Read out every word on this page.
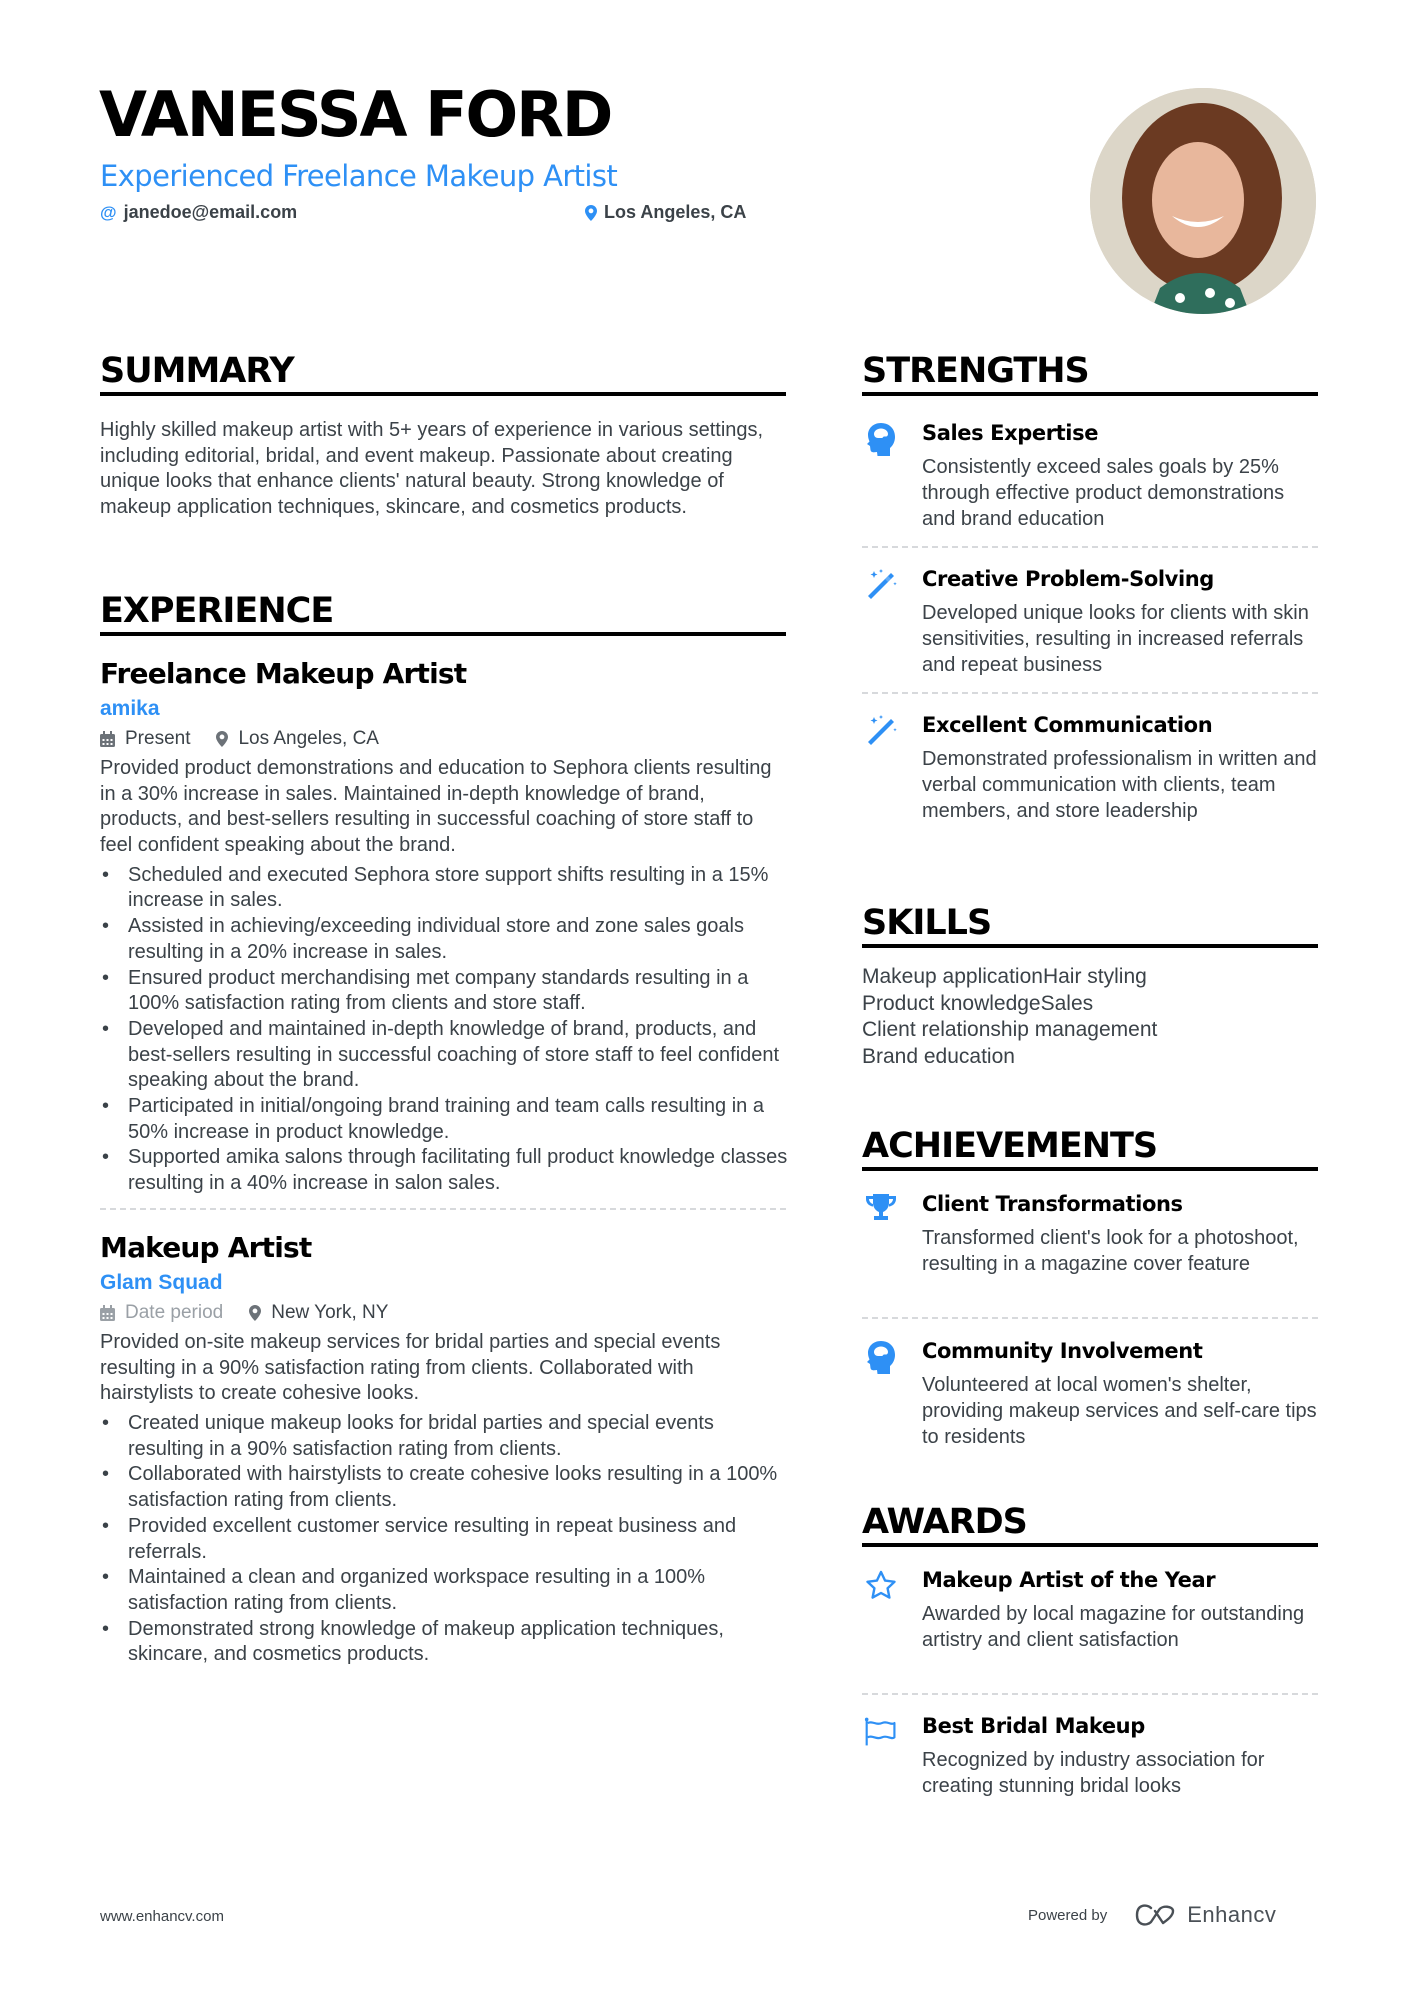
VANESSA FORD
Experienced Freelance Makeup Artist
@ janedoe@email.com	Los Angeles, CA
SUMMARY

Highly skilled makeup artist with 5+ years of experience in various settings, including editorial, bridal, and event makeup. Passionate about creating unique looks that enhance clients' natural beauty. Strong knowledge of makeup application techniques, skincare, and cosmetics products.

EXPERIENCE
Freelance Makeup Artist
amika
Present	Los Angeles, CA

Provided product demonstrations and education to Sephora clients resulting in a 30% increase in sales. Maintained in-depth knowledge of brand, products, and best-sellers resulting in successful coaching of store staff to feel confident speaking about the brand.

• Scheduled and executed Sephora store support shifts resulting in a 15% increase in sales.
• Assisted in achieving/exceeding individual store and zone sales goals resulting in a 20% increase in sales.
• Ensured product merchandising met company standards resulting in a 100% satisfaction rating from clients and store staff.
• Developed and maintained in-depth knowledge of brand, products, and best-sellers resulting in successful coaching of store staff to feel confident speaking about the brand.
• Participated in initial/ongoing brand training and team calls resulting in a 50% increase in product knowledge.
• Supported amika salons through facilitating full product knowledge classes resulting in a 40% increase in salon sales.
Makeup Artist
Glam Squad
Date period	New York, NY

Provided on-site makeup services for bridal parties and special events resulting in a 90% satisfaction rating from clients. Collaborated with hairstylists to create cohesive looks.

• Created unique makeup looks for bridal parties and special events resulting in a 90% satisfaction rating from clients.
• Collaborated with hairstylists to create cohesive looks resulting in a 100% satisfaction rating from clients.
• Provided excellent customer service resulting in repeat business and referrals.
• Maintained a clean and organized workspace resulting in a 100% satisfaction rating from clients.
• Demonstrated strong knowledge of makeup application techniques, skincare, and cosmetics products.
STRENGTHS
Sales Expertise

Consistently exceed sales goals by 25% through effective product demonstrations and brand education

Creative Problem-Solving

Developed unique looks for clients with skin sensitivities, resulting in increased referrals and repeat business

Excellent Communication

Demonstrated professionalism in written and verbal communication with clients, team members, and store leadership

SKILLS
Makeup applicationHair styling
Product knowledgeSales
Client relationship management
Brand education
ACHIEVEMENTS
Client Transformations

Transformed client's look for a photoshoot, resulting in a magazine cover feature

Community Involvement

Volunteered at local women's shelter, providing makeup services and self-care tips to residents

AWARDS
Makeup Artist of the Year

Awarded by local magazine for outstanding artistry and client satisfaction

Best Bridal Makeup

Recognized by industry association for creating stunning bridal looks

www.enhancv.com	Powered by	Enhancv
